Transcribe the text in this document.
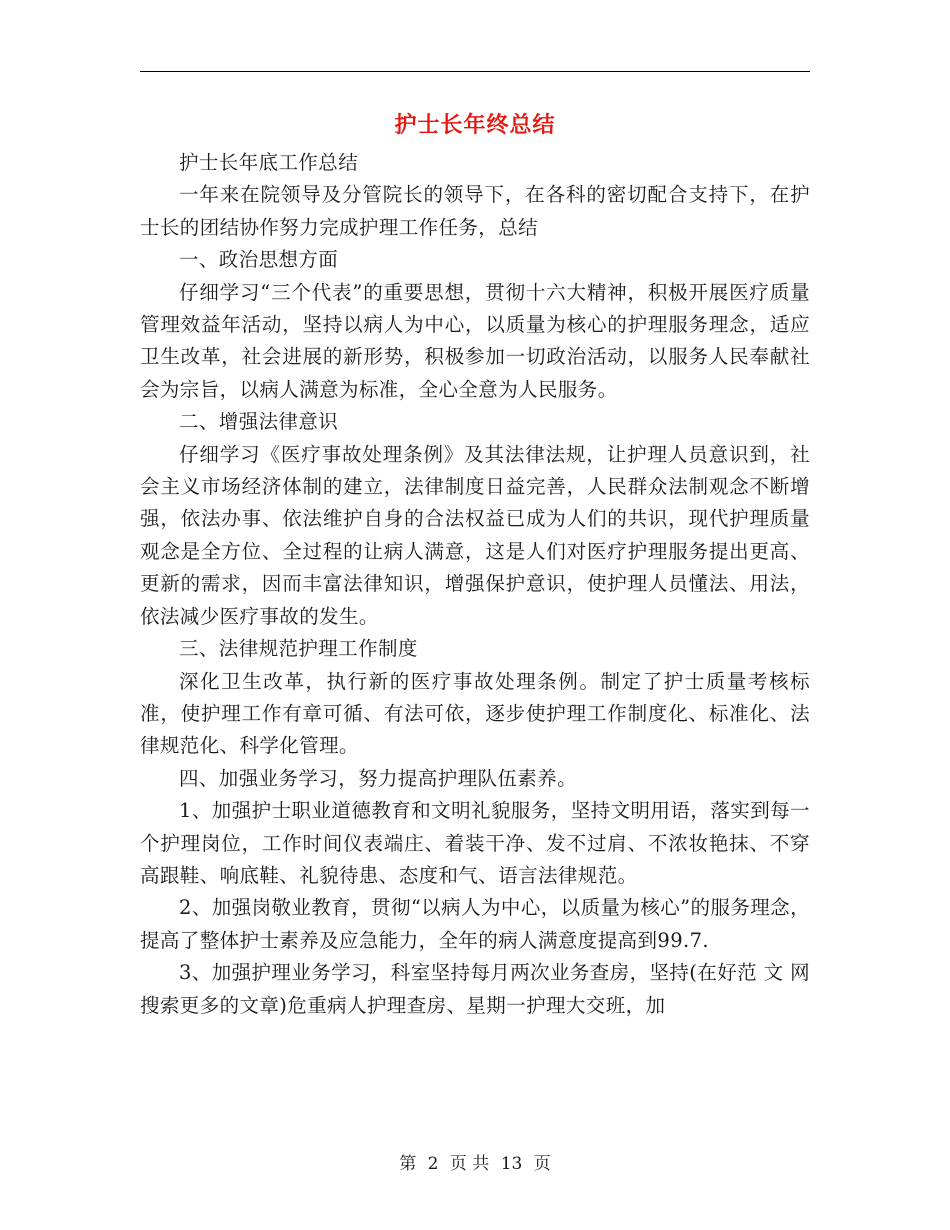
护士长年终总结

护士长年底工作总结

一年来在院领导及分管院长的领导下，在各科的密切配合支持下，在护士长的团结协作努力完成护理工作任务，总结

一、政治思想方面

仔细学习“三个代表”的重要思想，贯彻十六大精神，积极开展医疗质量管理效益年活动，坚持以病人为中心，以质量为核心的护理服务理念，适应卫生改革，社会进展的新形势，积极参加一切政治活动，以服务人民奉献社会为宗旨，以病人满意为标准，全心全意为人民服务。

二、增强法律意识

仔细学习《医疗事故处理条例》及其法律法规，让护理人员意识到，社会主义市场经济体制的建立，法律制度日益完善，人民群众法制观念不断增强，依法办事、依法维护自身的合法权益已成为人们的共识，现代护理质量观念是全方位、全过程的让病人满意，这是人们对医疗护理服务提出更高、更新的需求，因而丰富法律知识，增强保护意识，使护理人员懂法、用法，依法减少医疗事故的发生。

三、法律规范护理工作制度

深化卫生改革，执行新的医疗事故处理条例。制定了护士质量考核标准，使护理工作有章可循、有法可依，逐步使护理工作制度化、标准化、法律规范化、科学化管理。

四、加强业务学习，努力提高护理队伍素养。

1、加强护士职业道德教育和文明礼貌服务，坚持文明用语，落实到每一个护理岗位，工作时间仪表端庄、着装干净、发不过肩、不浓妆艳抹、不穿高跟鞋、响底鞋、礼貌待患、态度和气、语言法律规范。

2、加强岗敬业教育，贯彻“以病人为中心，以质量为核心”的服务理念，提高了整体护士素养及应急能力，全年的病人满意度提高到99.7.

3、加强护理业务学习，科室坚持每月两次业务查房，坚持(在好范 文 网搜索更多的文章)危重病人护理查房、星期一护理大交班，加

第 2 页 共 13 页
